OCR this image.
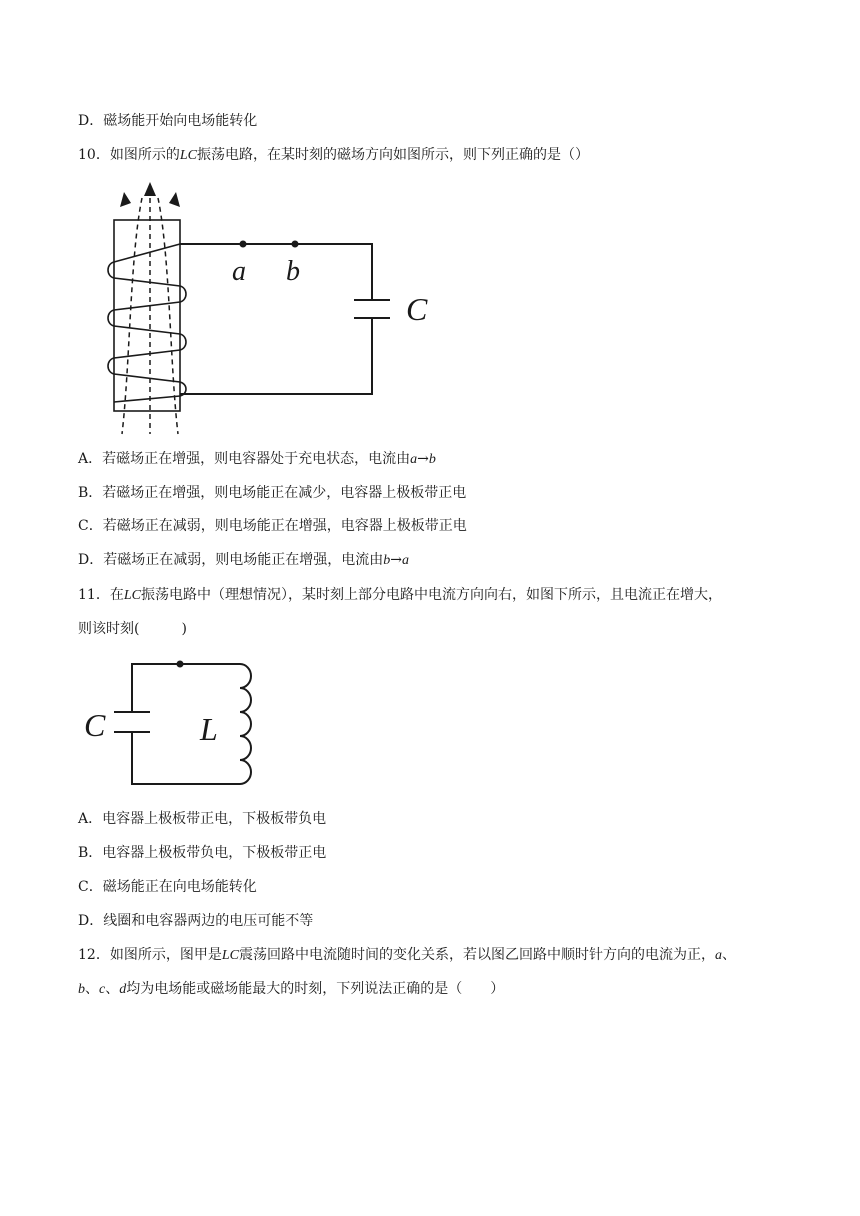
D．磁场能开始向电场能转化
10．如图所示的LC振荡电路，在某时刻的磁场方向如图所示，则下列正确的是（）
a b
C
A．若磁场正在增强，则电容器处于充电状态，电流由a→b
B．若磁场正在增强，则电场能正在减少，电容器上极板带正电
C．若磁场正在减弱，则电场能正在增强，电容器上极板带正电
D．若磁场正在减弱，则电场能正在增强，电流由b→a
11．在LC振荡电路中（理想情况），某时刻上部分电路中电流方向向右，如图下所示，且电流正在增大，
则该时刻(　　　)
C	L
A．电容器上极板带正电，下极板带负电
B．电容器上极板带负电，下极板带正电
C．磁场能正在向电场能转化
D．线圈和电容器两边的电压可能不等
12．如图所示，图甲是LC震荡回路中电流随时间的变化关系，若以图乙回路中顺时针方向的电流为正，a、
b、c、d均为电场能或磁场能最大的时刻，下列说法正确的是（　　）
